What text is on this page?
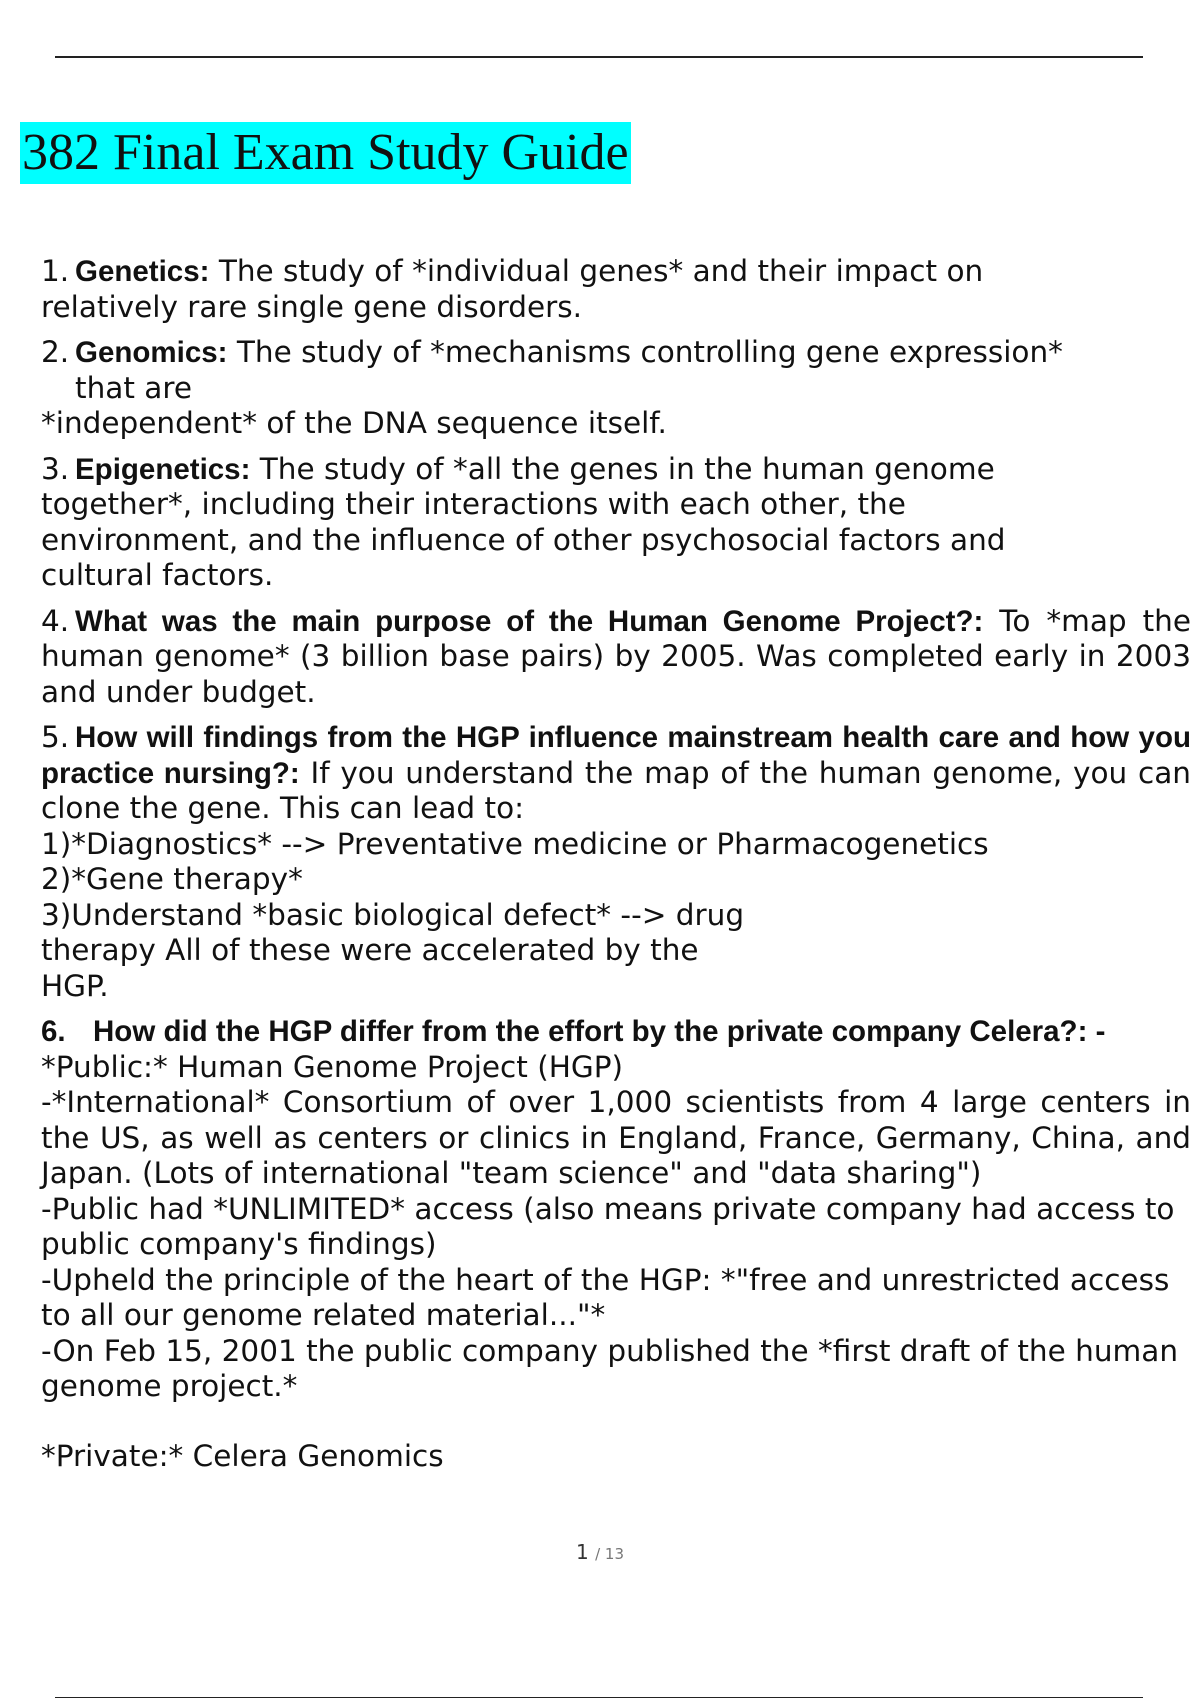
382 Final Exam Study Guide
1. Genetics: The study of *individual genes* and their impact on
relatively rare single gene disorders.
2. Genomics: The study of *mechanisms controlling gene expression*
that are
*independent* of the DNA sequence itself.
3. Epigenetics: The study of *all the genes in the human genome
together*, including their interactions with each other, the
environment, and the influence of other psychosocial factors and
cultural factors.
4. What was the main purpose of the Human Genome Project?: To *map the human genome* (3 billion base pairs) by 2005. Was completed early in 2003 and under budget.
5. How will findings from the HGP influence mainstream health care and how you practice nursing?: If you understand the map of the human genome, you can clone the gene. This can lead to:
1)*Diagnostics* --> Preventative medicine or Pharmacogenetics
2)*Gene therapy*
3)Understand *basic biological defect* --> drug
therapy All of these were accelerated by the
HGP.
6. How did the HGP differ from the effort by the private company Celera?: -
*Public:* Human Genome Project (HGP)
-*International* Consortium of over 1,000 scientists from 4 large centers in the US, as well as centers or clinics in England, France, Germany, China, and Japan. (Lots of international "team science" and "data sharing")
-Public had *UNLIMITED* access (also means private company had access to public company's findings)
-Upheld the principle of the heart of the HGP: *"free and unrestricted access to all our genome related material..."*
-On Feb 15, 2001 the public company published the *first draft of the human genome project.*
*Private:* Celera Genomics
1 / 13
